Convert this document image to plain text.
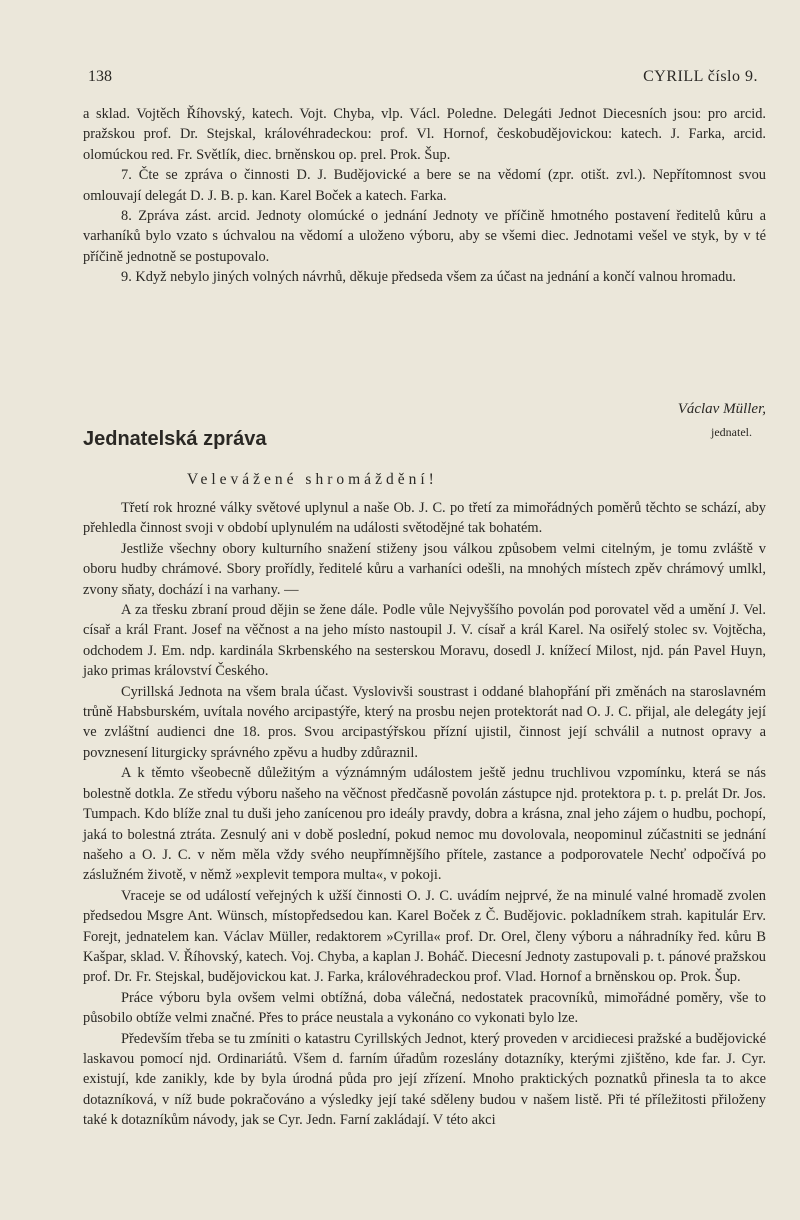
138	CYRILL číslo 9.

a sklad. Vojtěch Říhovský, katech. Vojt. Chyba, vlp. Václ. Poledne. Delegáti Jednot Diecesních jsou: pro arcid. pražskou prof. Dr. Stejskal, královéhradeckou: prof. Vl. Hornof, českobudějovickou: katech. J. Farka, arcid. olomúckou red. Fr. Světlík, diec. brněnskou op. prel. Prok. Šup.

7. Čte se zpráva o činnosti D. J. Budějovické a bere se na vědomí (zpr. otišt. zvl.). Nepřítomnost svou omlouvají delegát D. J. B. p. kan. Karel Boček a katech. Farka.

8. Zpráva zást. arcid. Jednoty olomúcké o jednání Jednoty ve příčině hmotného postavení ředitelů kůru a varhaníků bylo vzato s úchvalou na vědomí a uloženo výboru, aby se všemi diec. Jednotami vešel ve styk, by v té příčině jednotně se postupovalo.

9. Když nebylo jiných volných návrhů, děkuje předseda všem za účast na jednání a končí valnou hromadu.

Václav Müller,
jednatel.
Jednatelská zpráva
Velevážené shromáždění!

Třetí rok hrozné války světové uplynul a naše Ob. J. C. po třetí za mimořádných poměrů těchto se schází, aby přehledla činnost svoji v období uplynulém na události světodějné tak bohatém.

Jestliže všechny obory kulturního snažení stiženy jsou válkou způsobem velmi citelným, je tomu zvláště v oboru hudby chrámové. Sbory prořídly, ředitelé kůru a varhaníci odešli, na mnohých místech zpěv chrámový umlkl, zvony sňaty, dochází i na varhany. —

A za třesku zbraní proud dějin se žene dále. Podle vůle Nejvyššího povolán pod porovatel věd a umění J. Vel. císař a král Frant. Josef na věčnost a na jeho místo nastoupil J. V. císař a král Karel. Na osiřelý stolec sv. Vojtěcha, odchodem J. Em. ndp. kardinála Skrbenského na sesterskou Moravu, dosedl J. knížecí Milost, njd. pán Pavel Huyn, jako primas království Českého.

Cyrillská Jednota na všem brala účast. Vyslovivši soustrast i oddané blahopřání při změnách na staroslavném trůně Habsburském, uvítala nového arcipastýře, který na prosbu nejen protektorát nad O. J. C. přijal, ale delegáty její ve zvláštní audienci dne 18. pros. Svou arcipastýřskou přízní ujistil, činnost její schválil a nutnost opravy a povznesení liturgicky správného zpěvu a hudby zdůraznil.

A k těmto všeobecně důležitým a význámným událostem ještě jednu truchlivou vzpomínku, která se nás bolestně dotkla. Ze středu výboru našeho na věčnost předčasně povolán zástupce njd. protektora p. t. p. prelát Dr. Jos. Tumpach. Kdo blíže znal tu duši jeho zanícenou pro ideály pravdy, dobra a krásna, znal jeho zájem o hudbu, pochopí, jaká to bolestná ztráta. Zesnulý ani v době poslední, pokud nemoc mu dovolovala, neopominul zúčastniti se jednání našeho a O. J. C. v něm měla vždy svého neupřímnějšího přítele, zastance a podporovatele Nechť odpočívá po záslužném životě, v němž »explevit tempora multa«, v pokoji.

Vraceje se od událostí veřejných k užší činnosti O. J. C. uvádím nejprvé, že na minulé valné hromadě zvolen předsedou Msgre Ant. Wünsch, místopředsedou kan. Karel Boček z Č. Budějovic. pokladníkem strah. kapitulár Erv. Forejt, jednatelem kan. Václav Müller, redaktorem »Cyrilla« prof. Dr. Orel, členy výboru a náhradníky řed. kůru B Kašpar, sklad. V. Říhovský, katech. Voj. Chyba, a kaplan J. Boháč. Diecesní Jednoty zastupovali p. t. pánové pražskou prof. Dr. Fr. Stejskal, budějovickou kat. J. Farka, královéhradeckou prof. Vlad. Hornof a brněnskou op. Prok. Šup.

Práce výboru byla ovšem velmi obtížná, doba válečná, nedostatek pracovníků, mimořádné poměry, vše to působilo obtíže velmi značné. Přes to práce neustala a vykonáno co vykonati bylo lze.

Především třeba se tu zmíniti o katastru Cyrillských Jednot, který proveden v arcidiecesi pražské a budějovické laskavou pomocí njd. Ordinariátů. Všem d. farním úřadům rozeslány dotazníky, kterými zjištěno, kde far. J. Cyr. existují, kde zanikly, kde by byla úrodná půda pro její zřízení. Mnoho praktických poznatků přinesla ta to akce dotazníková, v níž bude pokračováno a výsledky její také sděleny budou v našem listě. Při té příležitosti přiloženy také k dotazníkům návody, jak se Cyr. Jedn. Farní zakládají. V této akci
